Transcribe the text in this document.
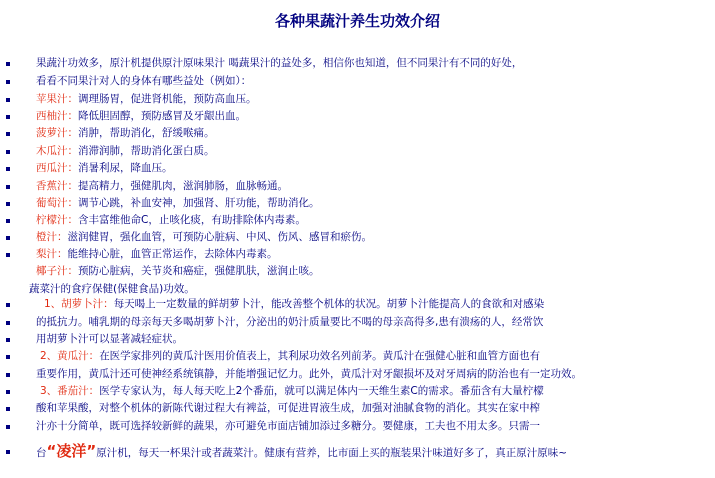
各种果蔬汁养生功效介绍
果蔬汁功效多，原汁机提供原汁原味果汁 喝蔬果汁的益处多，相信你也知道，但不同果汁有不同的好处，
看看不同果汁对人的身体有哪些益处（例如）：
苹果汁：调理肠胃，促进肾机能，预防高血压。
西柚汁：降低胆固醇，预防感冒及牙龈出血。
菠萝汁：消肿，帮助消化，舒缓喉痛。
木瓜汁：消滞润肺，帮助消化蛋白质。
西瓜汁：消暑利尿，降血压。
香蕉汁：提高精力，强健肌肉，滋润肺肠，血脉畅通。
葡萄汁：调节心跳，补血安神，加强肾、肝功能，帮助消化。
柠檬汁：含丰富维他命C，止咳化痰，有助排除体内毒素。
橙汁：滋润健胃，强化血管，可预防心脏病、中风、伤风、感冒和瘀伤。
梨汁：能维持心脏，血管正常运作，去除体内毒素。
椰子汁：预防心脏病，关节炎和癌症，强健肌肤，滋润止咳。
蔬菜汁的食疗保健(保健食品)功效。
1、胡萝卜汁：每天喝上一定数量的鲜胡萝卜汁，能改善整个机体的状况。胡萝卜汁能提高人的食欲和对感染
的抵抗力。哺乳期的母亲每天多喝胡萝卜汁，分泌出的奶汁质量要比不喝的母亲高得多,患有溃疡的人，经常饮
用胡萝卜汁可以显著减轻症状。
2、黄瓜汁：在医学家排列的黄瓜汁医用价值表上，其利尿功效名列前茅。黄瓜汁在强健心脏和血管方面也有
重要作用，黄瓜汁还可使神经系统镇静，并能增强记忆力。此外，黄瓜汁对牙龈损坏及对牙周病的防治也有一定功效。
3、番茄汁：医学专家认为，每人每天吃上2个番茄，就可以满足体内一天维生素C的需求。番茄含有大量柠檬
酸和苹果酸，对整个机体的新陈代谢过程大有裨益，可促进胃液生成，加强对油腻食物的消化。其实在家中榨
汁亦十分简单，既可选择较新鲜的蔬果，亦可避免市面店铺加添过多糖分。要健康，工夫也不用太多。只需一
台“凌洋”原汁机，每天一杯果汁或者蔬菜汁。健康有营养，比市面上买的瓶装果汁味道好多了，真正原汁原味~
